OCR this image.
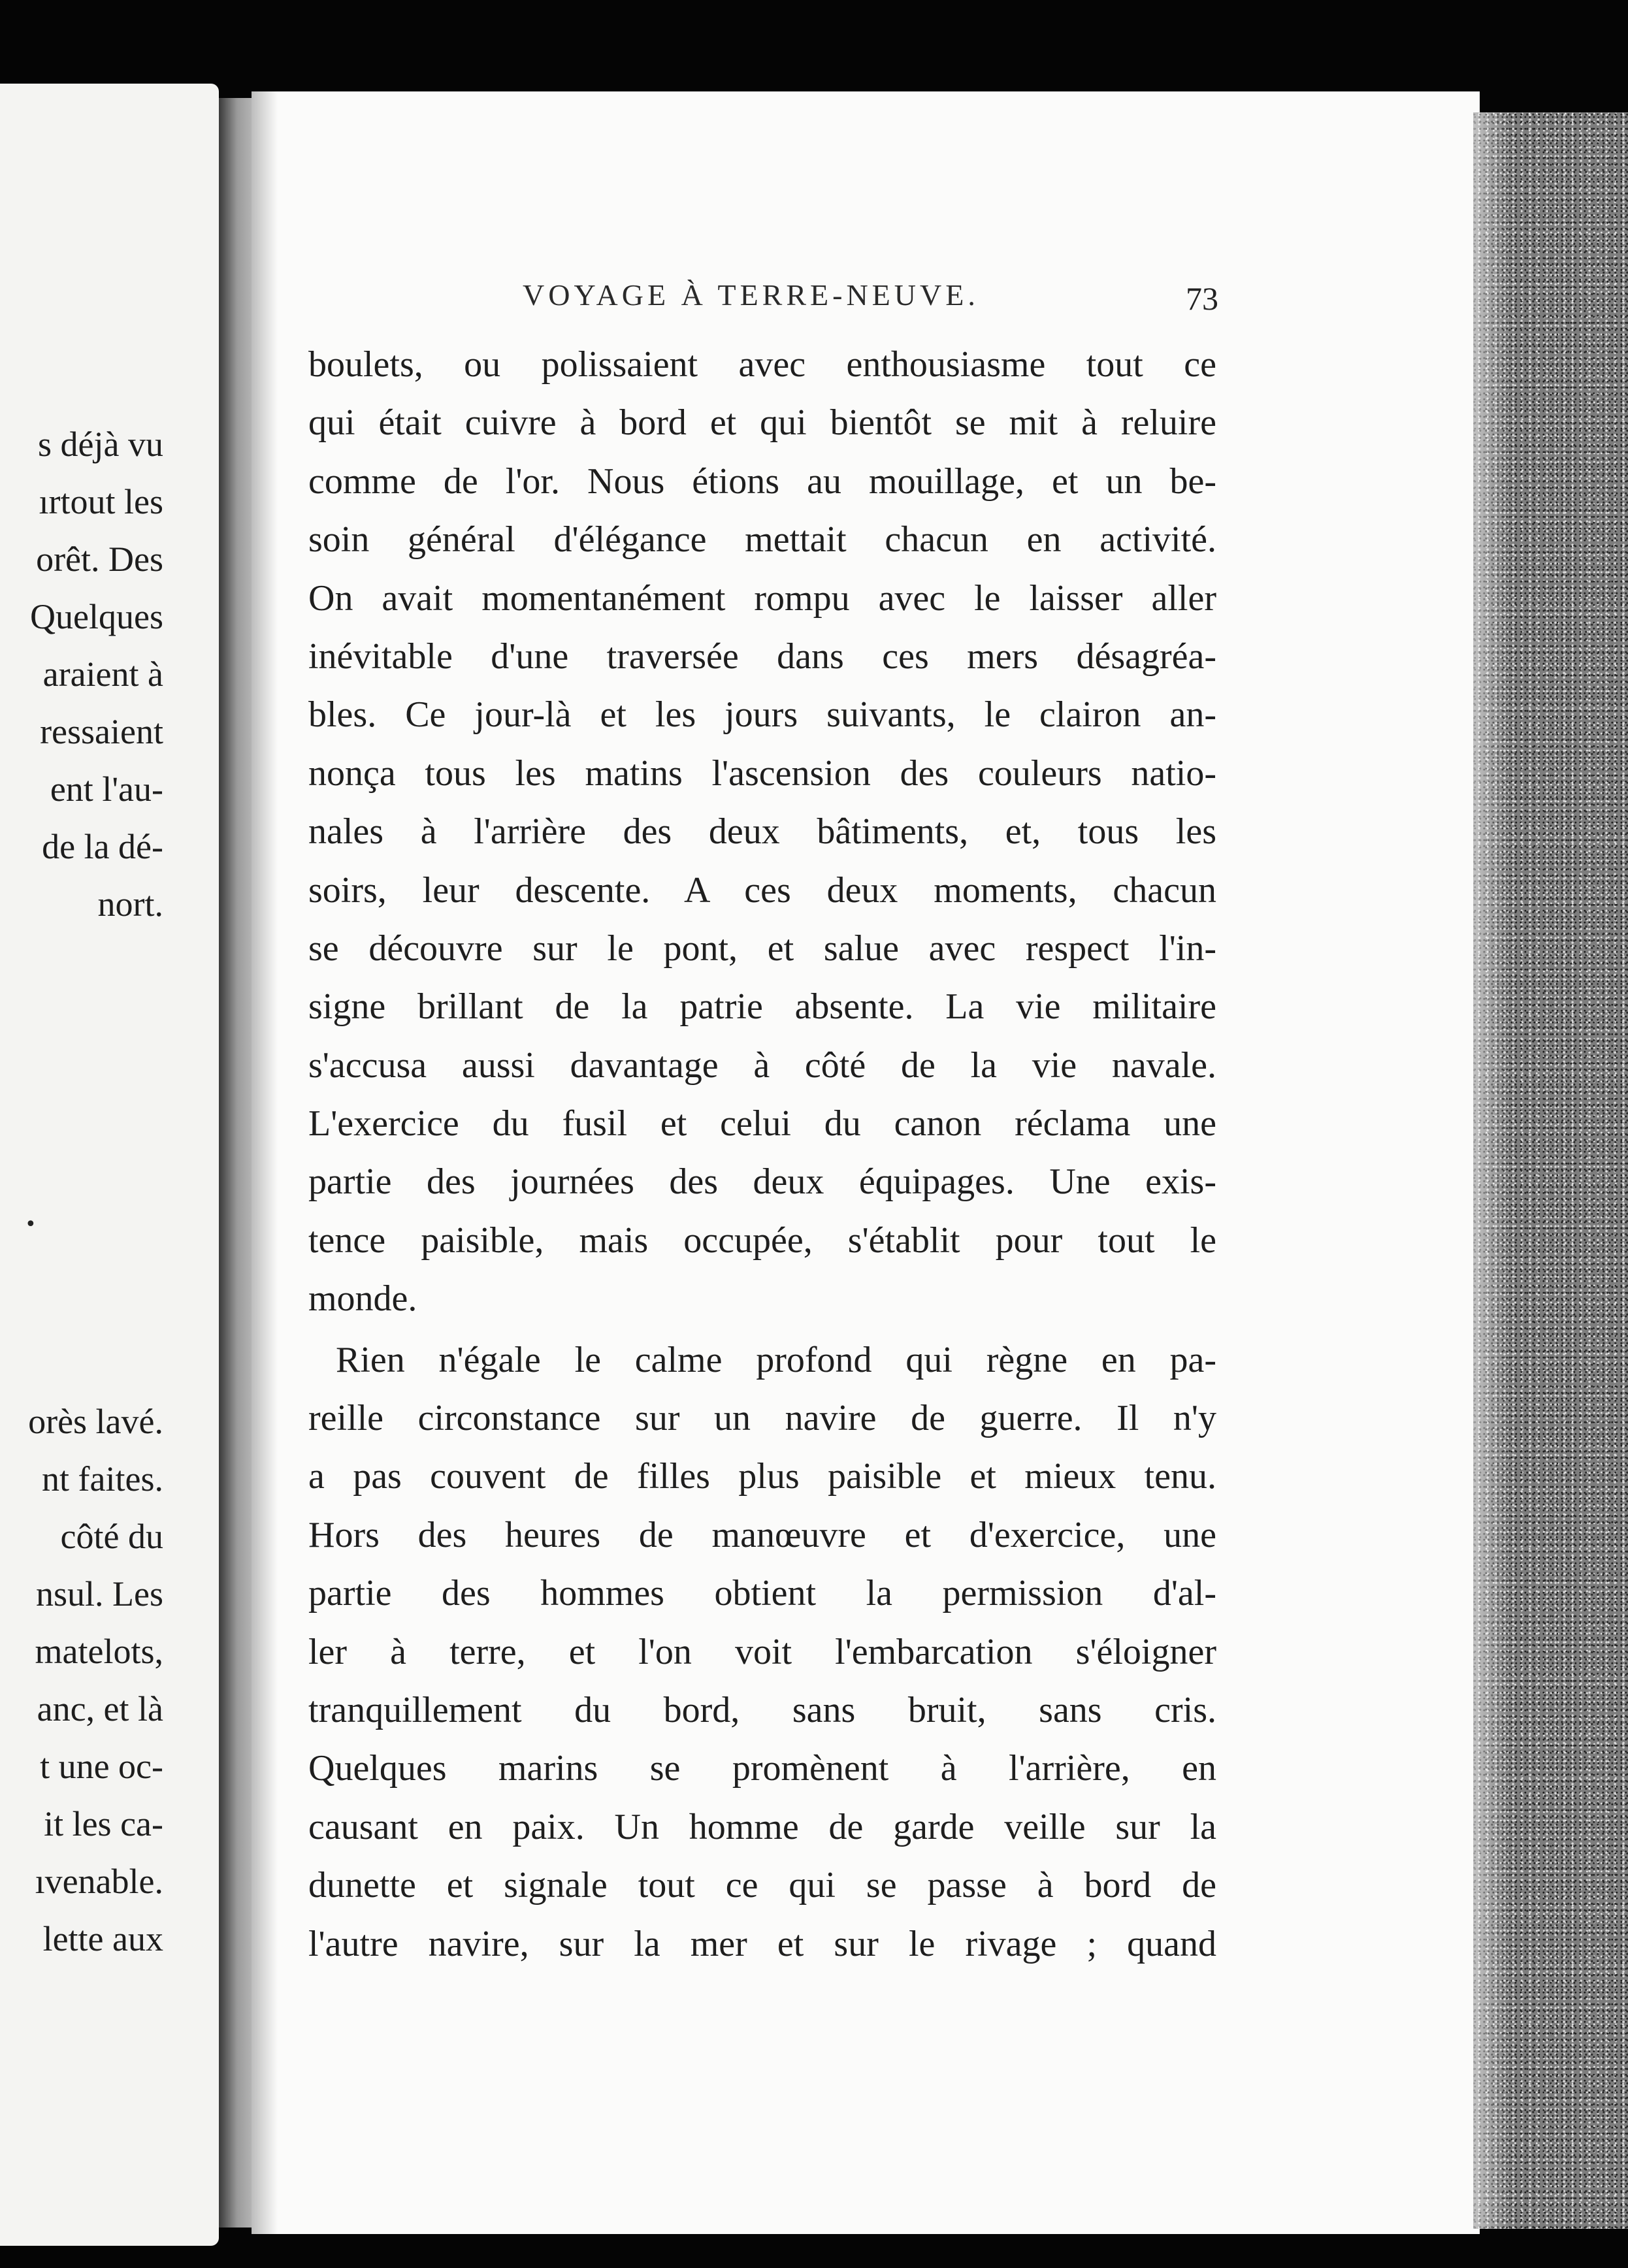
s déjà vu
ırtout les
orêt. Des
Quelques
araient à
ressaient
ent l'au-
de la dé-
nort.
orès lavé.
nt faites.
côté du
nsul. Les
matelots,
anc, et là
t une oc-
it les ca-
ıvenable.
lette aux
•
VOYAGE À TERRE-NEUVE.	73
boulets, ou polissaient avec enthousiasme tout ce
qui était cuivre à bord et qui bientôt se mit à reluire
comme de l'or. Nous étions au mouillage, et un be-
soin général d'élégance mettait chacun en activité.
On avait momentanément rompu avec le laisser aller
inévitable d'une traversée dans ces mers désagréa-
bles. Ce jour-là et les jours suivants, le clairon an-
nonça tous les matins l'ascension des couleurs natio-
nales à l'arrière des deux bâtiments, et, tous les
soirs, leur descente. A ces deux moments, chacun
se découvre sur le pont, et salue avec respect l'in-
signe brillant de la patrie absente. La vie militaire
s'accusa aussi davantage à côté de la vie navale.
L'exercice du fusil et celui du canon réclama une
partie des journées des deux équipages. Une exis-
tence paisible, mais occupée, s'établit pour tout le
monde.
Rien n'égale le calme profond qui règne en pa-
reille circonstance sur un navire de guerre. Il n'y
a pas couvent de filles plus paisible et mieux tenu.
Hors des heures de manœuvre et d'exercice, une
partie des hommes obtient la permission d'al-
ler à terre, et l'on voit l'embarcation s'éloigner
tranquillement du bord, sans bruit, sans cris.
Quelques marins se promènent à l'arrière, en
causant en paix. Un homme de garde veille sur la
dunette et signale tout ce qui se passe à bord de
l'autre navire, sur la mer et sur le rivage ; quand
